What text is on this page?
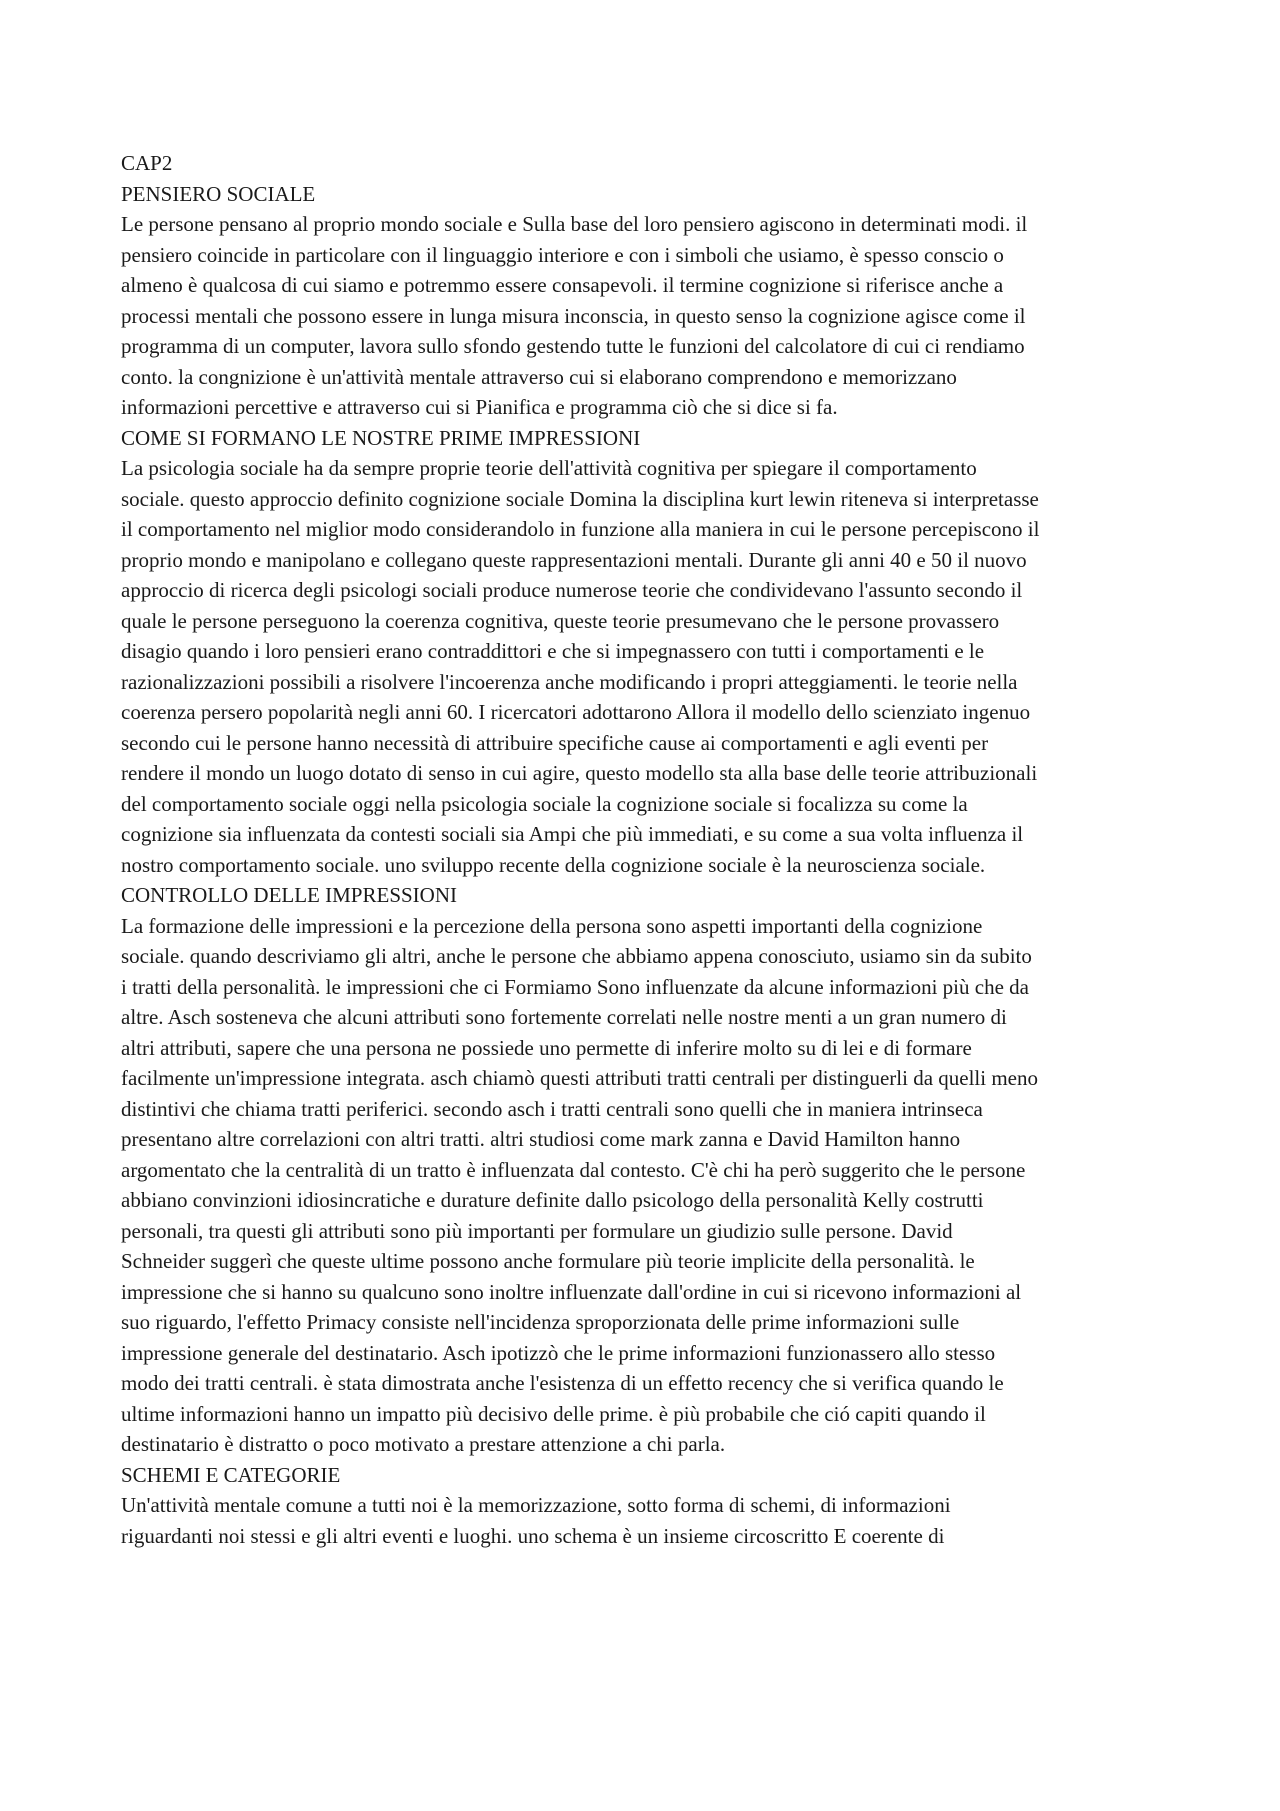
CAP2

PENSIERO SOCIALE

Le persone pensano al proprio mondo sociale e Sulla base del loro pensiero agiscono in determinati modi. il
pensiero coincide in particolare con il linguaggio interiore e con i simboli che usiamo, è spesso conscio o
almeno è qualcosa di cui siamo e potremmo essere consapevoli. il termine cognizione si riferisce anche a
processi mentali che possono essere in lunga misura inconscia, in questo senso la cognizione agisce come il
programma di un computer, lavora sullo sfondo gestendo tutte le funzioni del calcolatore di cui ci rendiamo
conto. la congnizione è un'attività mentale attraverso cui si elaborano comprendono e memorizzano
informazioni percettive e attraverso cui si Pianifica e programma ciò che si dice si fa.

COME SI FORMANO LE NOSTRE PRIME IMPRESSIONI

La psicologia sociale ha da sempre proprie teorie dell'attività cognitiva per spiegare il comportamento
sociale. questo approccio definito cognizione sociale Domina la disciplina kurt lewin riteneva si interpretasse
il comportamento nel miglior modo considerandolo in funzione alla maniera in cui le persone percepiscono il
proprio mondo e manipolano e collegano queste rappresentazioni mentali. Durante gli anni 40 e 50 il nuovo
approccio di ricerca degli psicologi sociali produce numerose teorie che condividevano l'assunto secondo il
quale le persone perseguono la coerenza cognitiva, queste teorie presumevano che le persone provassero
disagio quando i loro pensieri erano contraddittori e che si impegnassero con tutti i comportamenti e le
razionalizzazioni possibili a risolvere l'incoerenza anche modificando i propri atteggiamenti. le teorie nella
coerenza persero popolarità negli anni 60. I ricercatori adottarono Allora il modello dello scienziato ingenuo
secondo cui le persone hanno necessità di attribuire specifiche cause ai comportamenti e agli eventi per
rendere il mondo un luogo dotato di senso in cui agire, questo modello sta alla base delle teorie attribuzionali
del comportamento sociale oggi nella psicologia sociale la cognizione sociale si focalizza su come la
cognizione sia influenzata da contesti sociali sia Ampi che più immediati, e su come a sua volta influenza il
nostro comportamento sociale. uno sviluppo recente della cognizione sociale è la neuroscienza sociale.

CONTROLLO DELLE IMPRESSIONI

La formazione delle impressioni e la percezione della persona sono aspetti importanti della cognizione
sociale. quando descriviamo gli altri, anche le persone che abbiamo appena conosciuto, usiamo sin da subito
i tratti della personalità. le impressioni che ci Formiamo Sono influenzate da alcune informazioni più che da
altre. Asch sosteneva che alcuni attributi sono fortemente correlati nelle nostre menti a un gran numero di
altri attributi, sapere che una persona ne possiede uno permette di inferire molto su di lei e di formare
facilmente un'impressione integrata. asch chiamò questi attributi tratti centrali per distinguerli da quelli meno
distintivi che chiama tratti periferici. secondo asch i tratti centrali sono quelli che in maniera intrinseca
presentano altre correlazioni con altri tratti. altri studiosi come mark zanna e David Hamilton hanno
argomentato che la centralità di un tratto è influenzata dal contesto. C'è chi ha però suggerito che le persone
abbiano convinzioni idiosincratiche e durature definite dallo psicologo della personalità Kelly costrutti
personali, tra questi gli attributi sono più importanti per formulare un giudizio sulle persone. David
Schneider suggerì che queste ultime possono anche formulare più teorie implicite della personalità. le
impressione che si hanno su qualcuno sono inoltre influenzate dall'ordine in cui si ricevono informazioni al
suo riguardo, l'effetto Primacy consiste nell'incidenza sproporzionata delle prime informazioni sulle
impressione generale del destinatario. Asch ipotizzò che le prime informazioni funzionassero allo stesso
modo dei tratti centrali. è stata dimostrata anche l'esistenza di un effetto recency che si verifica quando le
ultime informazioni hanno un impatto più decisivo delle prime. è più probabile che ció capiti quando il
destinatario è distratto o poco motivato a prestare attenzione a chi parla.

SCHEMI E CATEGORIE

Un'attività mentale comune a tutti noi è la memorizzazione, sotto forma di schemi, di informazioni
riguardanti noi stessi e gli altri eventi e luoghi. uno schema è un insieme circoscritto E coerente di
